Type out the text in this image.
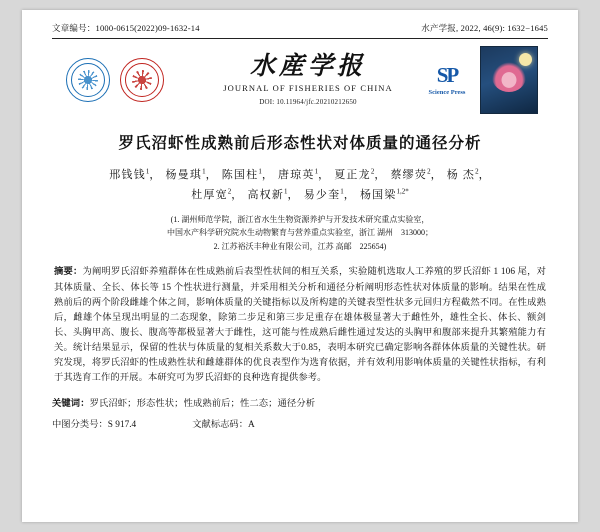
文章编号：1000-0615(2022)09-1632-14	水产学报, 2022, 46(9): 1632−1645
水産学报
JOURNAL OF FISHERIES OF CHINA
DOI: 10.11964/jfc.20210212650
SP
Science Press
罗氏沼虾性成熟前后形态性状对体质量的通径分析
邢钱钱$^1$， 杨曼琪$^1$， 陈国柱$^1$， 唐琼英$^1$， 夏正龙$^2$， 蔡缪荧$^2$， 杨 杰$^2$，
杜厚宽$^2$， 高权新$^1$， 易少奎$^1$， 杨国梁$^{1,2*}$
(1. 湖州师范学院，浙江省水生生物资源养护与开发技术研究重点实验室，
中国水产科学研究院水生动物繁育与营养重点实验室，浙江 湖州　313000；
2. 江苏裕沃丰种业有限公司，江苏 高邮　225654)
摘要：为阐明罗氏沼虾养殖群体在性成熟前后表型性状间的相互关系，实验随机选取人工养殖的罗氏沼虾 1 106 尾，对其体质量、全长、体长等 15 个性状进行测量，并采用相关分析和通径分析阐明形态性状对体质量的影响。结果在性成熟前后的两个阶段雌雄个体之间，影响体质量的关键指标以及所构建的关键表型性状多元回归方程截然不同。在性成熟后，雌雄个体呈现出明显的二态现象，除第二步足和第三步足重存在雄体极显著大于雌性外，雄性全长、体长、额剑长、头胸甲高、腹长、腹高等都极显著大于雌性，这可能与性成熟后雌性通过发达的头胸甲和腹部来提升其繁殖能力有关。统计结果显示，保留的性状与体质量的复相关系数大于0.85，表明本研究已确定影响各群体体质量的关键性状。研究发现，将罗氏沼虾的性成熟性状和雌雄群体的优良表型作为选育依据，并有效利用影响体质量的关键性状指标，有利于其选育工作的开展。本研究可为罗氏沼虾的良种选育提供参考。
关键词：罗氏沼虾；形态性状；性成熟前后；性二态；通径分析
中图分类号：S 917.4	文献标志码：A
